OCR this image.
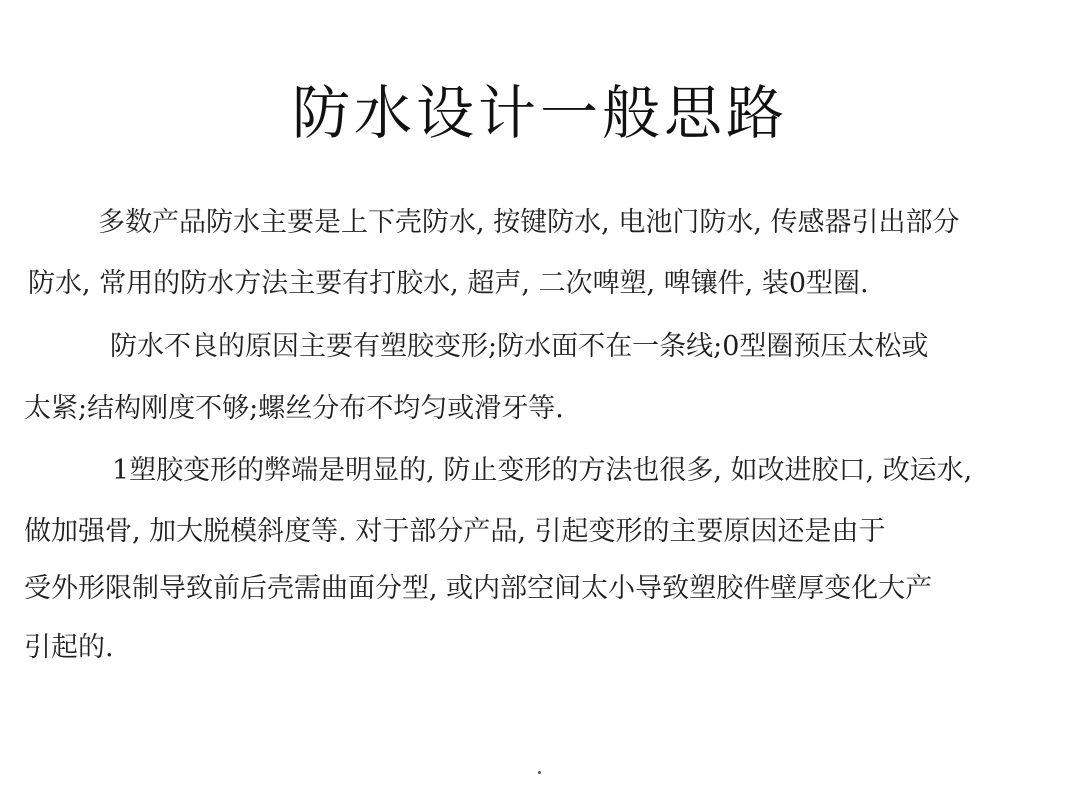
防水设计一般思路

多数产品防水主要是上下壳防水, 按键防水, 电池门防水, 传感器引出部分

防水, 常用的防水方法主要有打胶水, 超声, 二次啤塑, 啤镶件, 装0型圈.

防水不良的原因主要有塑胶变形;防水面不在一条线;0型圈预压太松或

太紧;结构刚度不够;螺丝分布不均匀或滑牙等.

1塑胶变形的弊端是明显的, 防止变形的方法也很多, 如改进胶口, 改运水,

做加强骨, 加大脱模斜度等. 对于部分产品, 引起变形的主要原因还是由于

受外形限制导致前后壳需曲面分型, 或内部空间太小导致塑胶件壁厚变化大产

引起的.
